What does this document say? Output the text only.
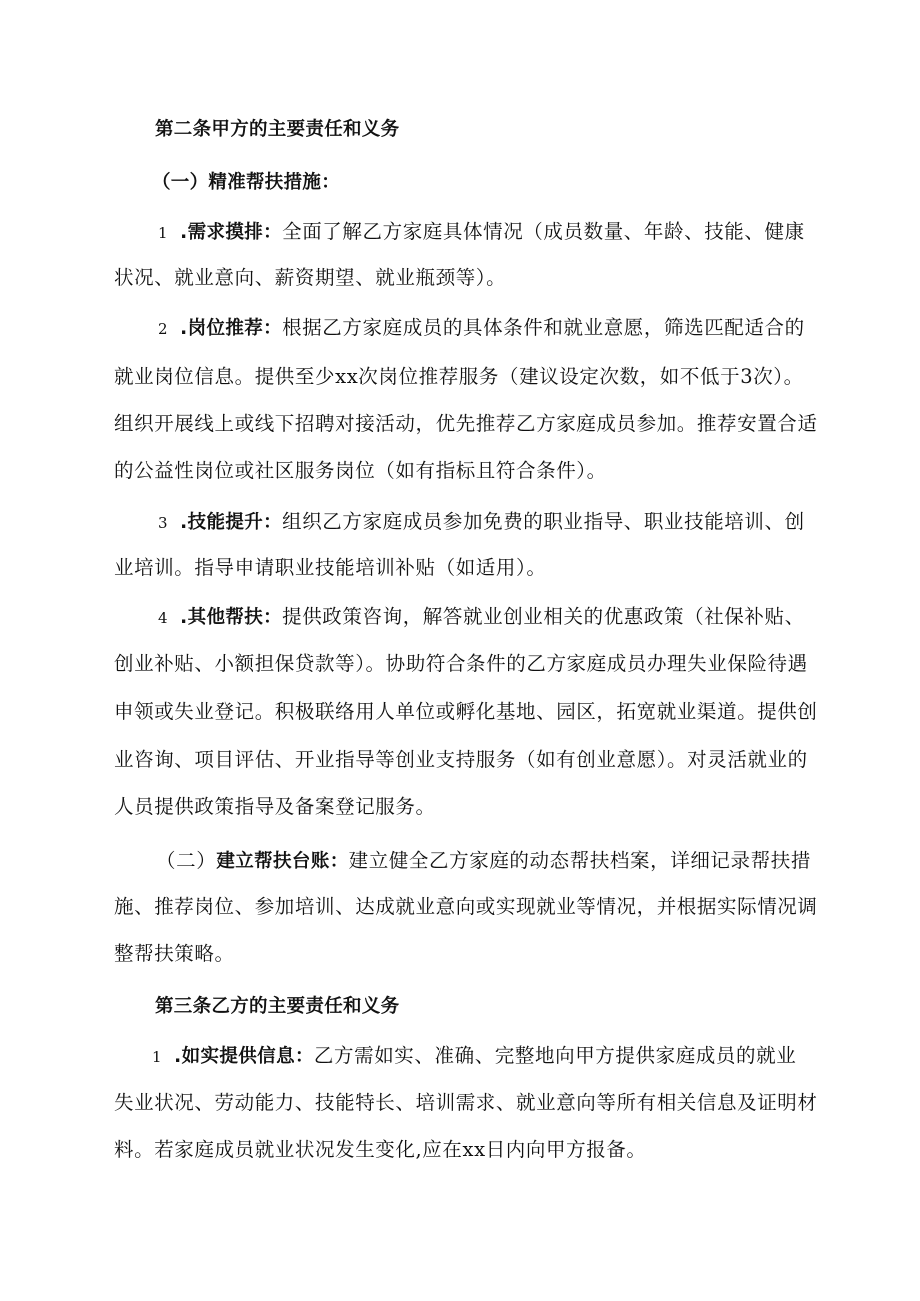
第二条甲方的主要责任和义务
（一）精准帮扶措施：
1 .需求摸排：全面了解乙方家庭具体情况（成员数量、年龄、技能、健康
状况、就业意向、薪资期望、就业瓶颈等）。
2 .岗位推荐：根据乙方家庭成员的具体条件和就业意愿，筛选匹配适合的
就业岗位信息。提供至少xx次岗位推荐服务（建议设定次数，如不低于3次）。
组织开展线上或线下招聘对接活动，优先推荐乙方家庭成员参加。推荐安置合适
的公益性岗位或社区服务岗位（如有指标且符合条件）。
3 .技能提升：组织乙方家庭成员参加免费的职业指导、职业技能培训、创
业培训。指导申请职业技能培训补贴（如适用）。
4 .其他帮扶：提供政策咨询，解答就业创业相关的优惠政策（社保补贴、
创业补贴、小额担保贷款等）。协助符合条件的乙方家庭成员办理失业保险待遇
申领或失业登记。积极联络用人单位或孵化基地、园区，拓宽就业渠道。提供创
业咨询、项目评估、开业指导等创业支持服务（如有创业意愿）。对灵活就业的
人员提供政策指导及备案登记服务。
（二）建立帮扶台账：建立健全乙方家庭的动态帮扶档案，详细记录帮扶措
施、推荐岗位、参加培训、达成就业意向或实现就业等情况，并根据实际情况调
整帮扶策略。
第三条乙方的主要责任和义务
1 .如实提供信息：乙方需如实、准确、完整地向甲方提供家庭成员的就业
失业状况、劳动能力、技能特长、培训需求、就业意向等所有相关信息及证明材
料。若家庭成员就业状况发生变化,应在xx日内向甲方报备。
